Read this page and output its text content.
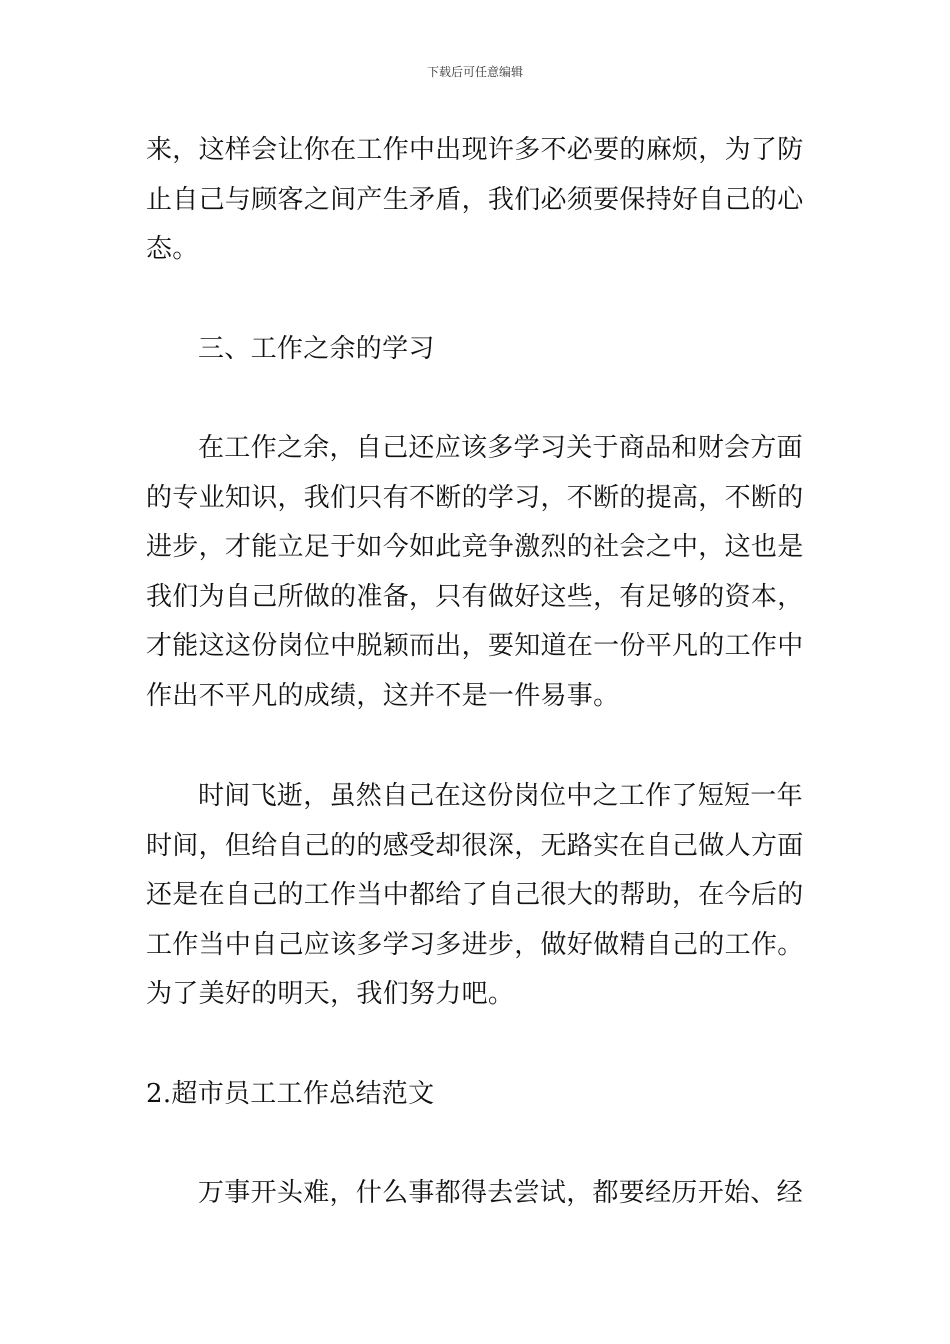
下载后可任意编辑

来，这样会让你在工作中出现许多不必要的麻烦，为了防止自己与顾客之间产生矛盾，我们必须要保持好自己的心态。

三、工作之余的学习

在工作之余，自己还应该多学习关于商品和财会方面的专业知识，我们只有不断的学习，不断的提高，不断的进步，才能立足于如今如此竞争激烈的社会之中，这也是我们为自己所做的准备，只有做好这些，有足够的资本，才能这这份岗位中脱颖而出，要知道在一份平凡的工作中作出不平凡的成绩，这并不是一件易事。

时间飞逝，虽然自己在这份岗位中之工作了短短一年时间，但给自己的的感受却很深，无路实在自己做人方面还是在自己的工作当中都给了自己很大的帮助，在今后的工作当中自己应该多学习多进步，做好做精自己的工作。为了美好的明天，我们努力吧。

2.超市员工工作总结范文

万事开头难，什么事都得去尝试，都要经历开始、经
